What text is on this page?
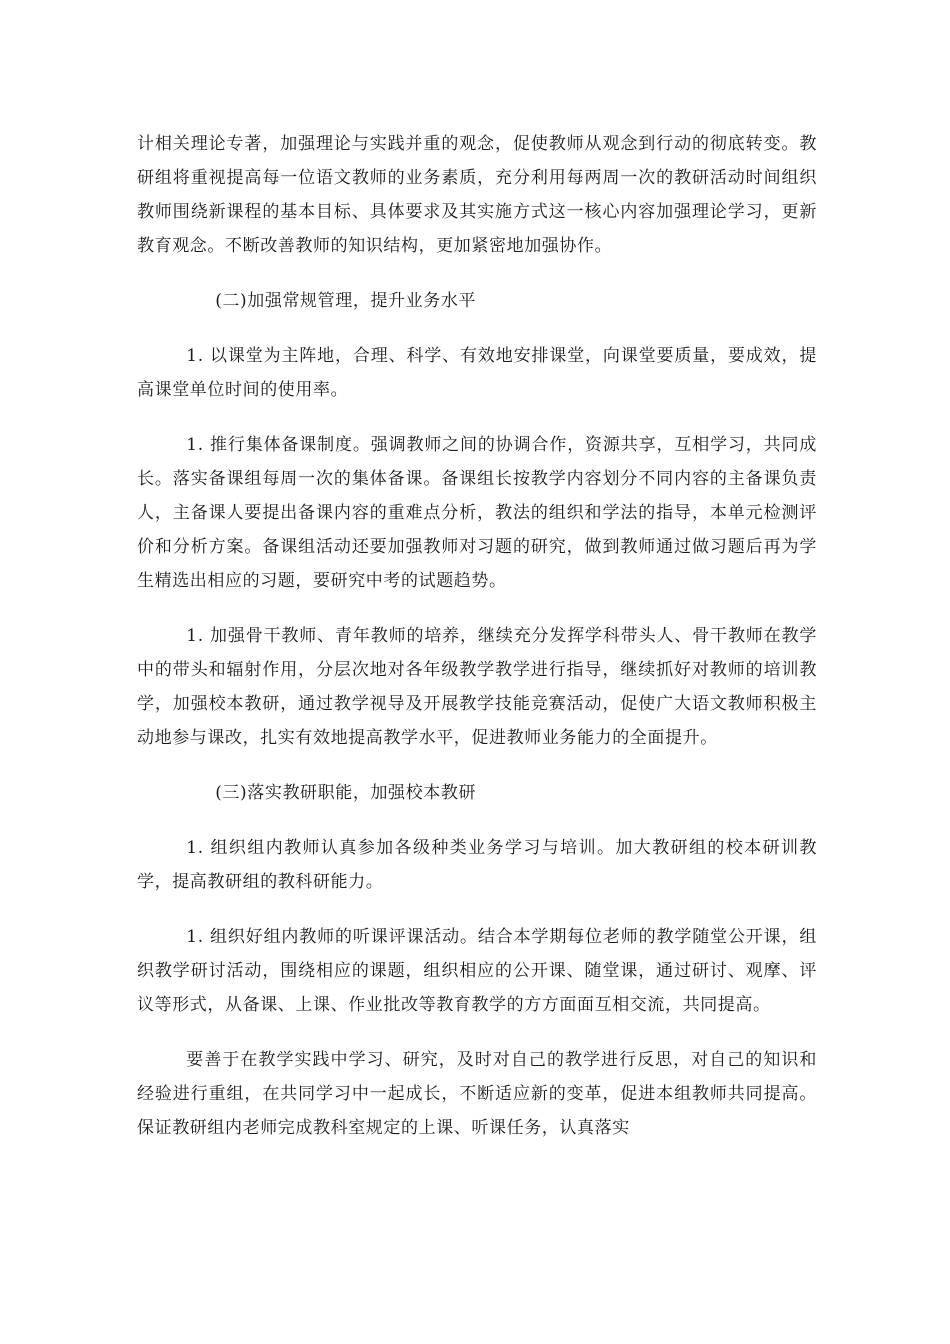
计相关理论专著，加强理论与实践并重的观念，促使教师从观念到行动的彻底转变。教研组将重视提高每一位语文教师的业务素质，充分利用每两周一次的教研活动时间组织教师围绕新课程的基本目标、具体要求及其实施方式这一核心内容加强理论学习，更新教育观念。不断改善教师的知识结构，更加紧密地加强协作。

(二)加强常规管理，提升业务水平

1. 以课堂为主阵地，合理、科学、有效地安排课堂，向课堂要质量，要成效，提高课堂单位时间的使用率。

1. 推行集体备课制度。强调教师之间的协调合作，资源共享，互相学习，共同成长。落实备课组每周一次的集体备课。备课组长按教学内容划分不同内容的主备课负责人，主备课人要提出备课内容的重难点分析，教法的组织和学法的指导，本单元检测评价和分析方案。备课组活动还要加强教师对习题的研究，做到教师通过做习题后再为学生精选出相应的习题，要研究中考的试题趋势。

1. 加强骨干教师、青年教师的培养，继续充分发挥学科带头人、骨干教师在教学中的带头和辐射作用，分层次地对各年级教学教学进行指导，继续抓好对教师的培训教学，加强校本教研，通过教学视导及开展教学技能竞赛活动，促使广大语文教师积极主动地参与课改，扎实有效地提高教学水平，促进教师业务能力的全面提升。

(三)落实教研职能，加强校本教研

1. 组织组内教师认真参加各级种类业务学习与培训。加大教研组的校本研训教学，提高教研组的教科研能力。

1. 组织好组内教师的听课评课活动。结合本学期每位老师的教学随堂公开课，组织教学研讨活动，围绕相应的课题，组织相应的公开课、随堂课，通过研讨、观摩、评议等形式，从备课、上课、作业批改等教育教学的方方面面互相交流，共同提高。

要善于在教学实践中学习、研究，及时对自己的教学进行反思，对自己的知识和经验进行重组，在共同学习中一起成长，不断适应新的变革，促进本组教师共同提高。保证教研组内老师完成教科室规定的上课、听课任务，认真落实
